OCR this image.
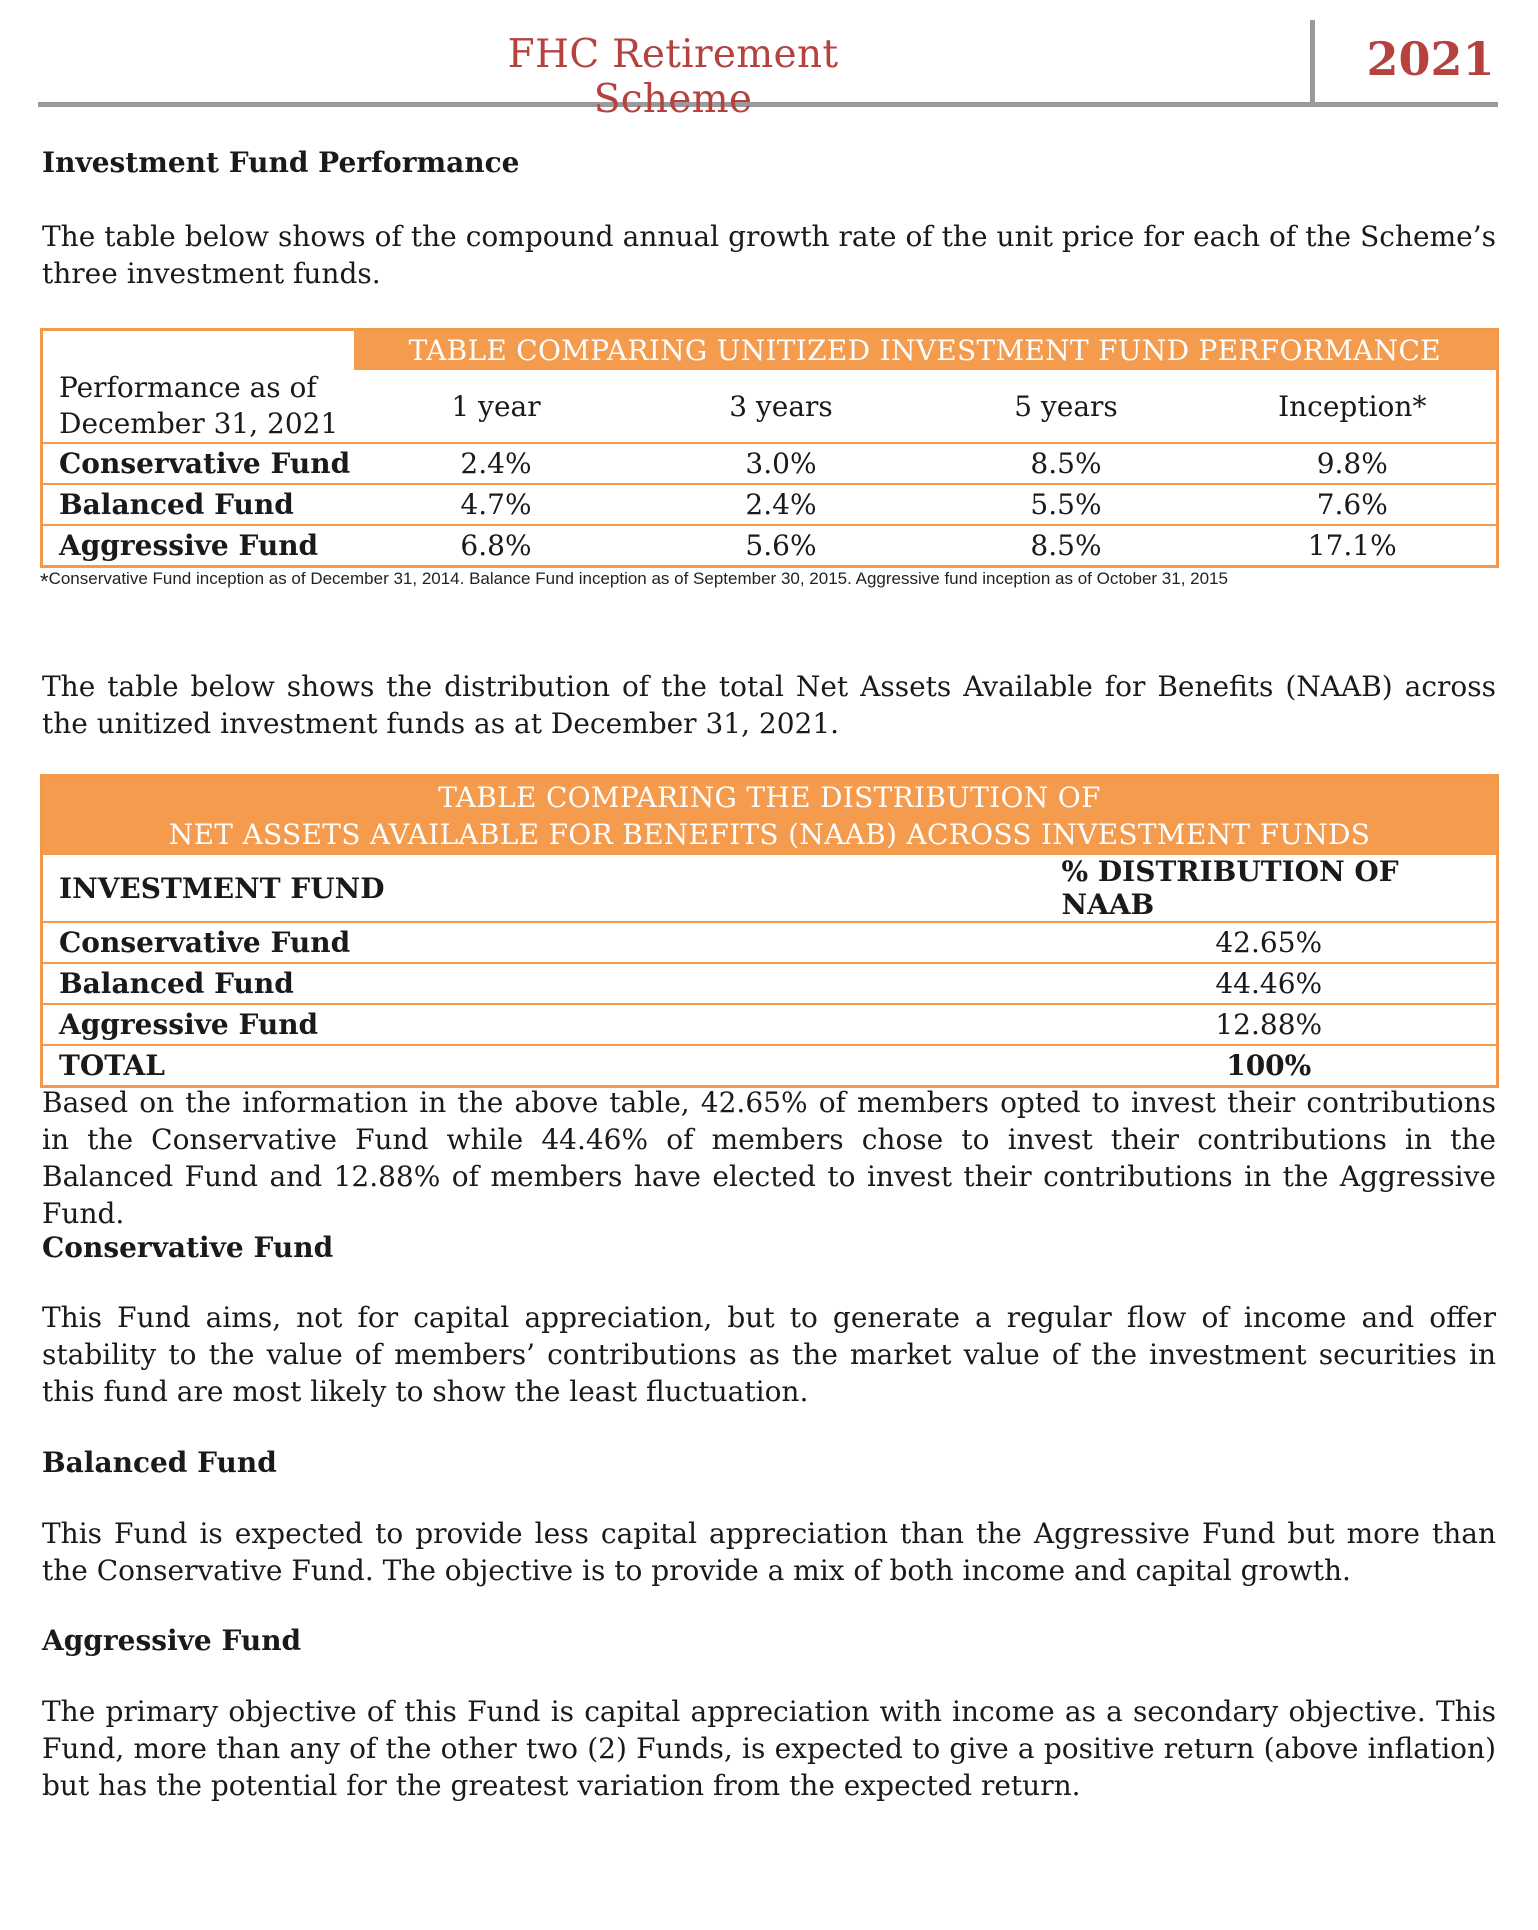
FHC Retirement Scheme
2021
Investment Fund Performance

The table below shows of the compound annual growth rate of the unit price for each of the Scheme’s three investment funds.

	TABLE COMPARING UNITIZED INVESTMENT FUND PERFORMANCE			

Performance as of
December 31, 2021	1 year	3 years	5 years	Inception*
Conservative Fund	2.4%	3.0%	8.5%	9.8%
Balanced Fund	4.7%	2.4%	5.5%	7.6%
Aggressive Fund	6.8%	5.6%	8.5%	17.1%
*Conservative Fund inception as of December 31, 2014. Balance Fund inception as of September 30, 2015. Aggressive fund inception as of October 31, 2015

The table below shows the distribution of the total Net Assets Available for Benefits (NAAB) across the unitized investment funds as at December 31, 2021.

TABLE COMPARING THE DISTRIBUTION OF
NET ASSETS AVAILABLE FOR BENEFITS (NAAB) ACROSS INVESTMENT FUNDS	

INVESTMENT FUND	% DISTRIBUTION OF NAAB
Conservative Fund	42.65%
Balanced Fund	44.46%
Aggressive Fund	12.88%
TOTAL	100%

Based on the information in the above table, 42.65% of members opted to invest their contributions in the Conservative Fund while 44.46% of members chose to invest their contributions in the Balanced Fund and 12.88% of members have elected to invest their contributions in the Aggressive Fund.

Conservative Fund

This Fund aims, not for capital appreciation, but to generate a regular flow of income and offer stability to the value of members’ contributions as the market value of the investment securities in this fund are most likely to show the least fluctuation.

Balanced Fund

This Fund is expected to provide less capital appreciation than the Aggressive Fund but more than the Conservative Fund. The objective is to provide a mix of both income and capital growth.

Aggressive Fund

The primary objective of this Fund is capital appreciation with income as a secondary objective. This Fund, more than any of the other two (2) Funds, is expected to give a positive return (above inflation) but has the potential for the greatest variation from the expected return.
